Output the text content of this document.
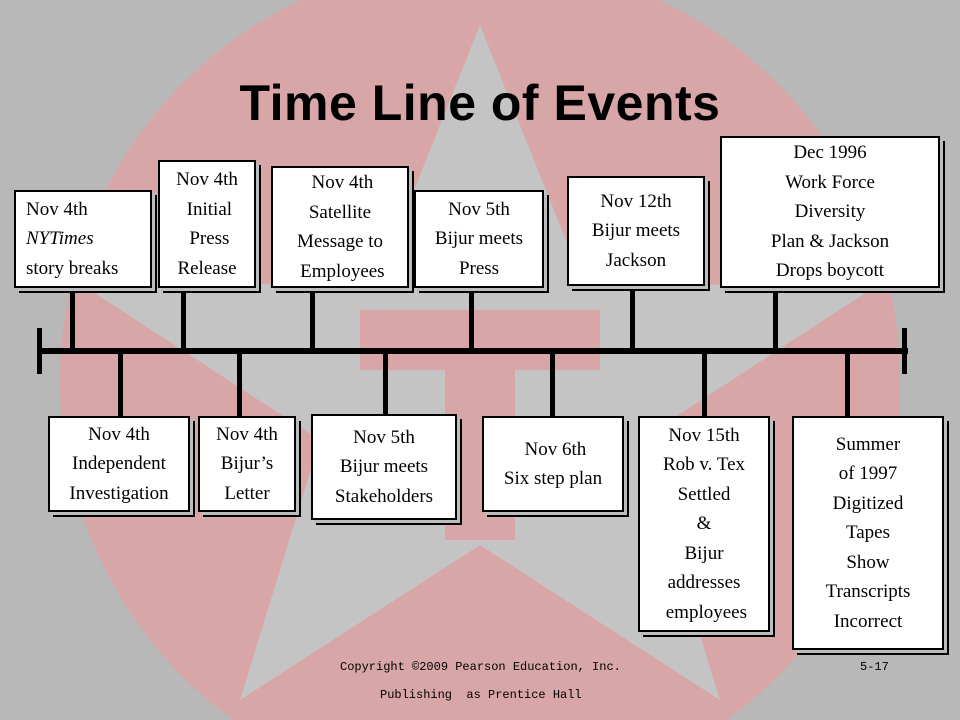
Time Line of Events
Nov 4th
NYTimes
story breaks
Nov 4th
Initial
Press
Release
Nov 4th
Satellite
Message to
Employees
Nov 5th
Bijur meets
Press
Nov 12th
Bijur meets
Jackson
Dec 1996
Work Force
Diversity
Plan & Jackson
Drops boycott
Nov 4th
Independent
Investigation
Nov 4th
Bijur’s
Letter
Nov 5th
Bijur meets
Stakeholders
Nov 6th
Six step plan
Nov 15th
Rob v. Tex
Settled
&
Bijur
addresses
employees
Summer
of 1997
Digitized
Tapes
Show
Transcripts
Incorrect
Copyright ©2009 Pearson Education, Inc.
Publishing  as Prentice Hall
5-17
